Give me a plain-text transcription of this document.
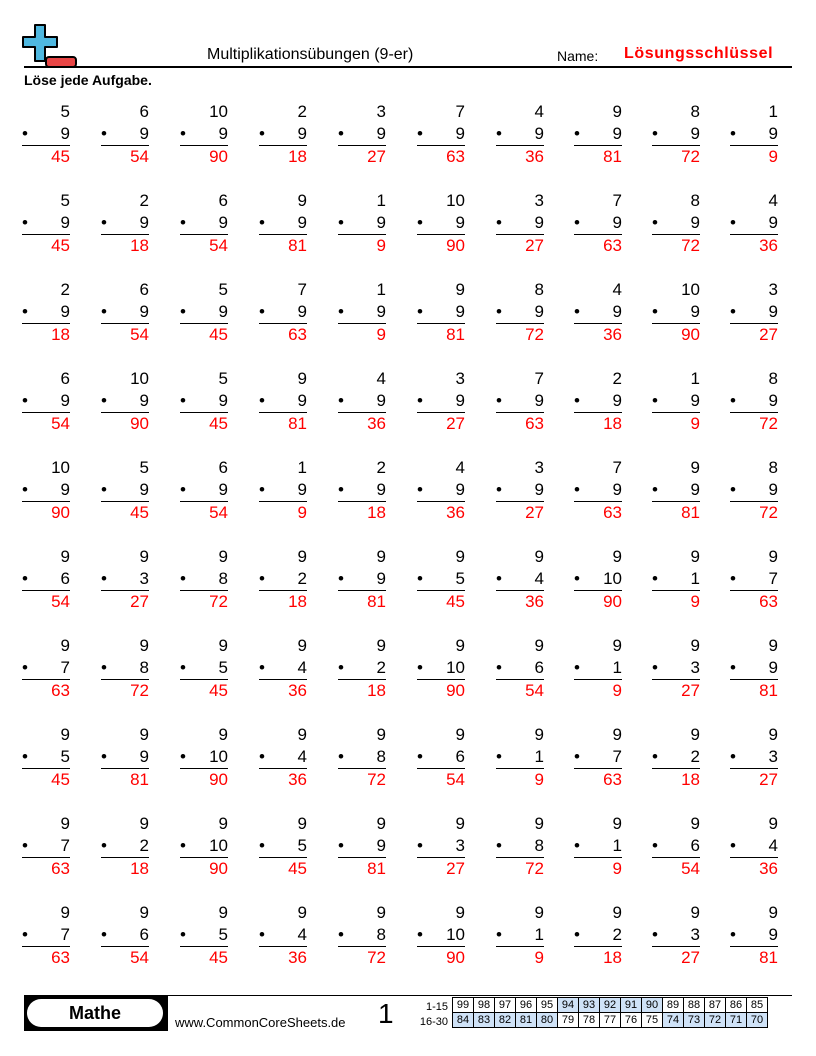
Multiplikationsübungen (9-er)	Name: Lösungsschlüssel
Löse jede Aufgabe.
5
• 9
45
6
• 9
54
10
• 9
90
2
• 9
18
3
• 9
27
7
• 9
63
4
• 9
36
9
• 9
81
8
• 9
72
1
• 9
9
5
• 9
45
2
• 9
18
6
• 9
54
9
• 9
81
1
• 9
9
10
• 9
90
3
• 9
27
7
• 9
63
8
• 9
72
4
• 9
36
2
• 9
18
6
• 9
54
5
• 9
45
7
• 9
63
1
• 9
9
9
• 9
81
8
• 9
72
4
• 9
36
10
• 9
90
3
• 9
27
6
• 9
54
10
• 9
90
5
• 9
45
9
• 9
81
4
• 9
36
3
• 9
27
7
• 9
63
2
• 9
18
1
• 9
9
8
• 9
72
10
• 9
90
5
• 9
45
6
• 9
54
1
• 9
9
2
• 9
18
4
• 9
36
3
• 9
27
7
• 9
63
9
• 9
81
8
• 9
72
9
• 6
54
9
• 3
27
9
• 8
72
9
• 2
18
9
• 9
81
9
• 5
45
9
• 4
36
9
• 10
90
9
• 1
9
9
• 7
63
9
• 7
63
9
• 8
72
9
• 5
45
9
• 4
36
9
• 2
18
9
• 10
90
9
• 6
54
9
• 1
9
9
• 3
27
9
• 9
81
9
• 5
45
9
• 9
81
9
• 10
90
9
• 4
36
9
• 8
72
9
• 6
54
9
• 1
9
9
• 7
63
9
• 2
18
9
• 3
27
9
• 7
63
9
• 2
18
9
• 10
90
9
• 5
45
9
• 9
81
9
• 3
27
9
• 8
72
9
• 1
9
9
• 6
54
9
• 4
36
9
• 7
63
9
• 6
54
9
• 5
45
9
• 4
36
9
• 8
72
9
• 10
90
9
• 1
9
9
• 2
18
9
• 3
27
9
• 9
81
Mathe	www.CommonCoreSheets.de 1	1-15
16-30
99	98	97	96	95	94	93	92	91	90	89	88	87	86	85
84	83	82	81	80	79	78	77	76	75	74	73	72	71	70
